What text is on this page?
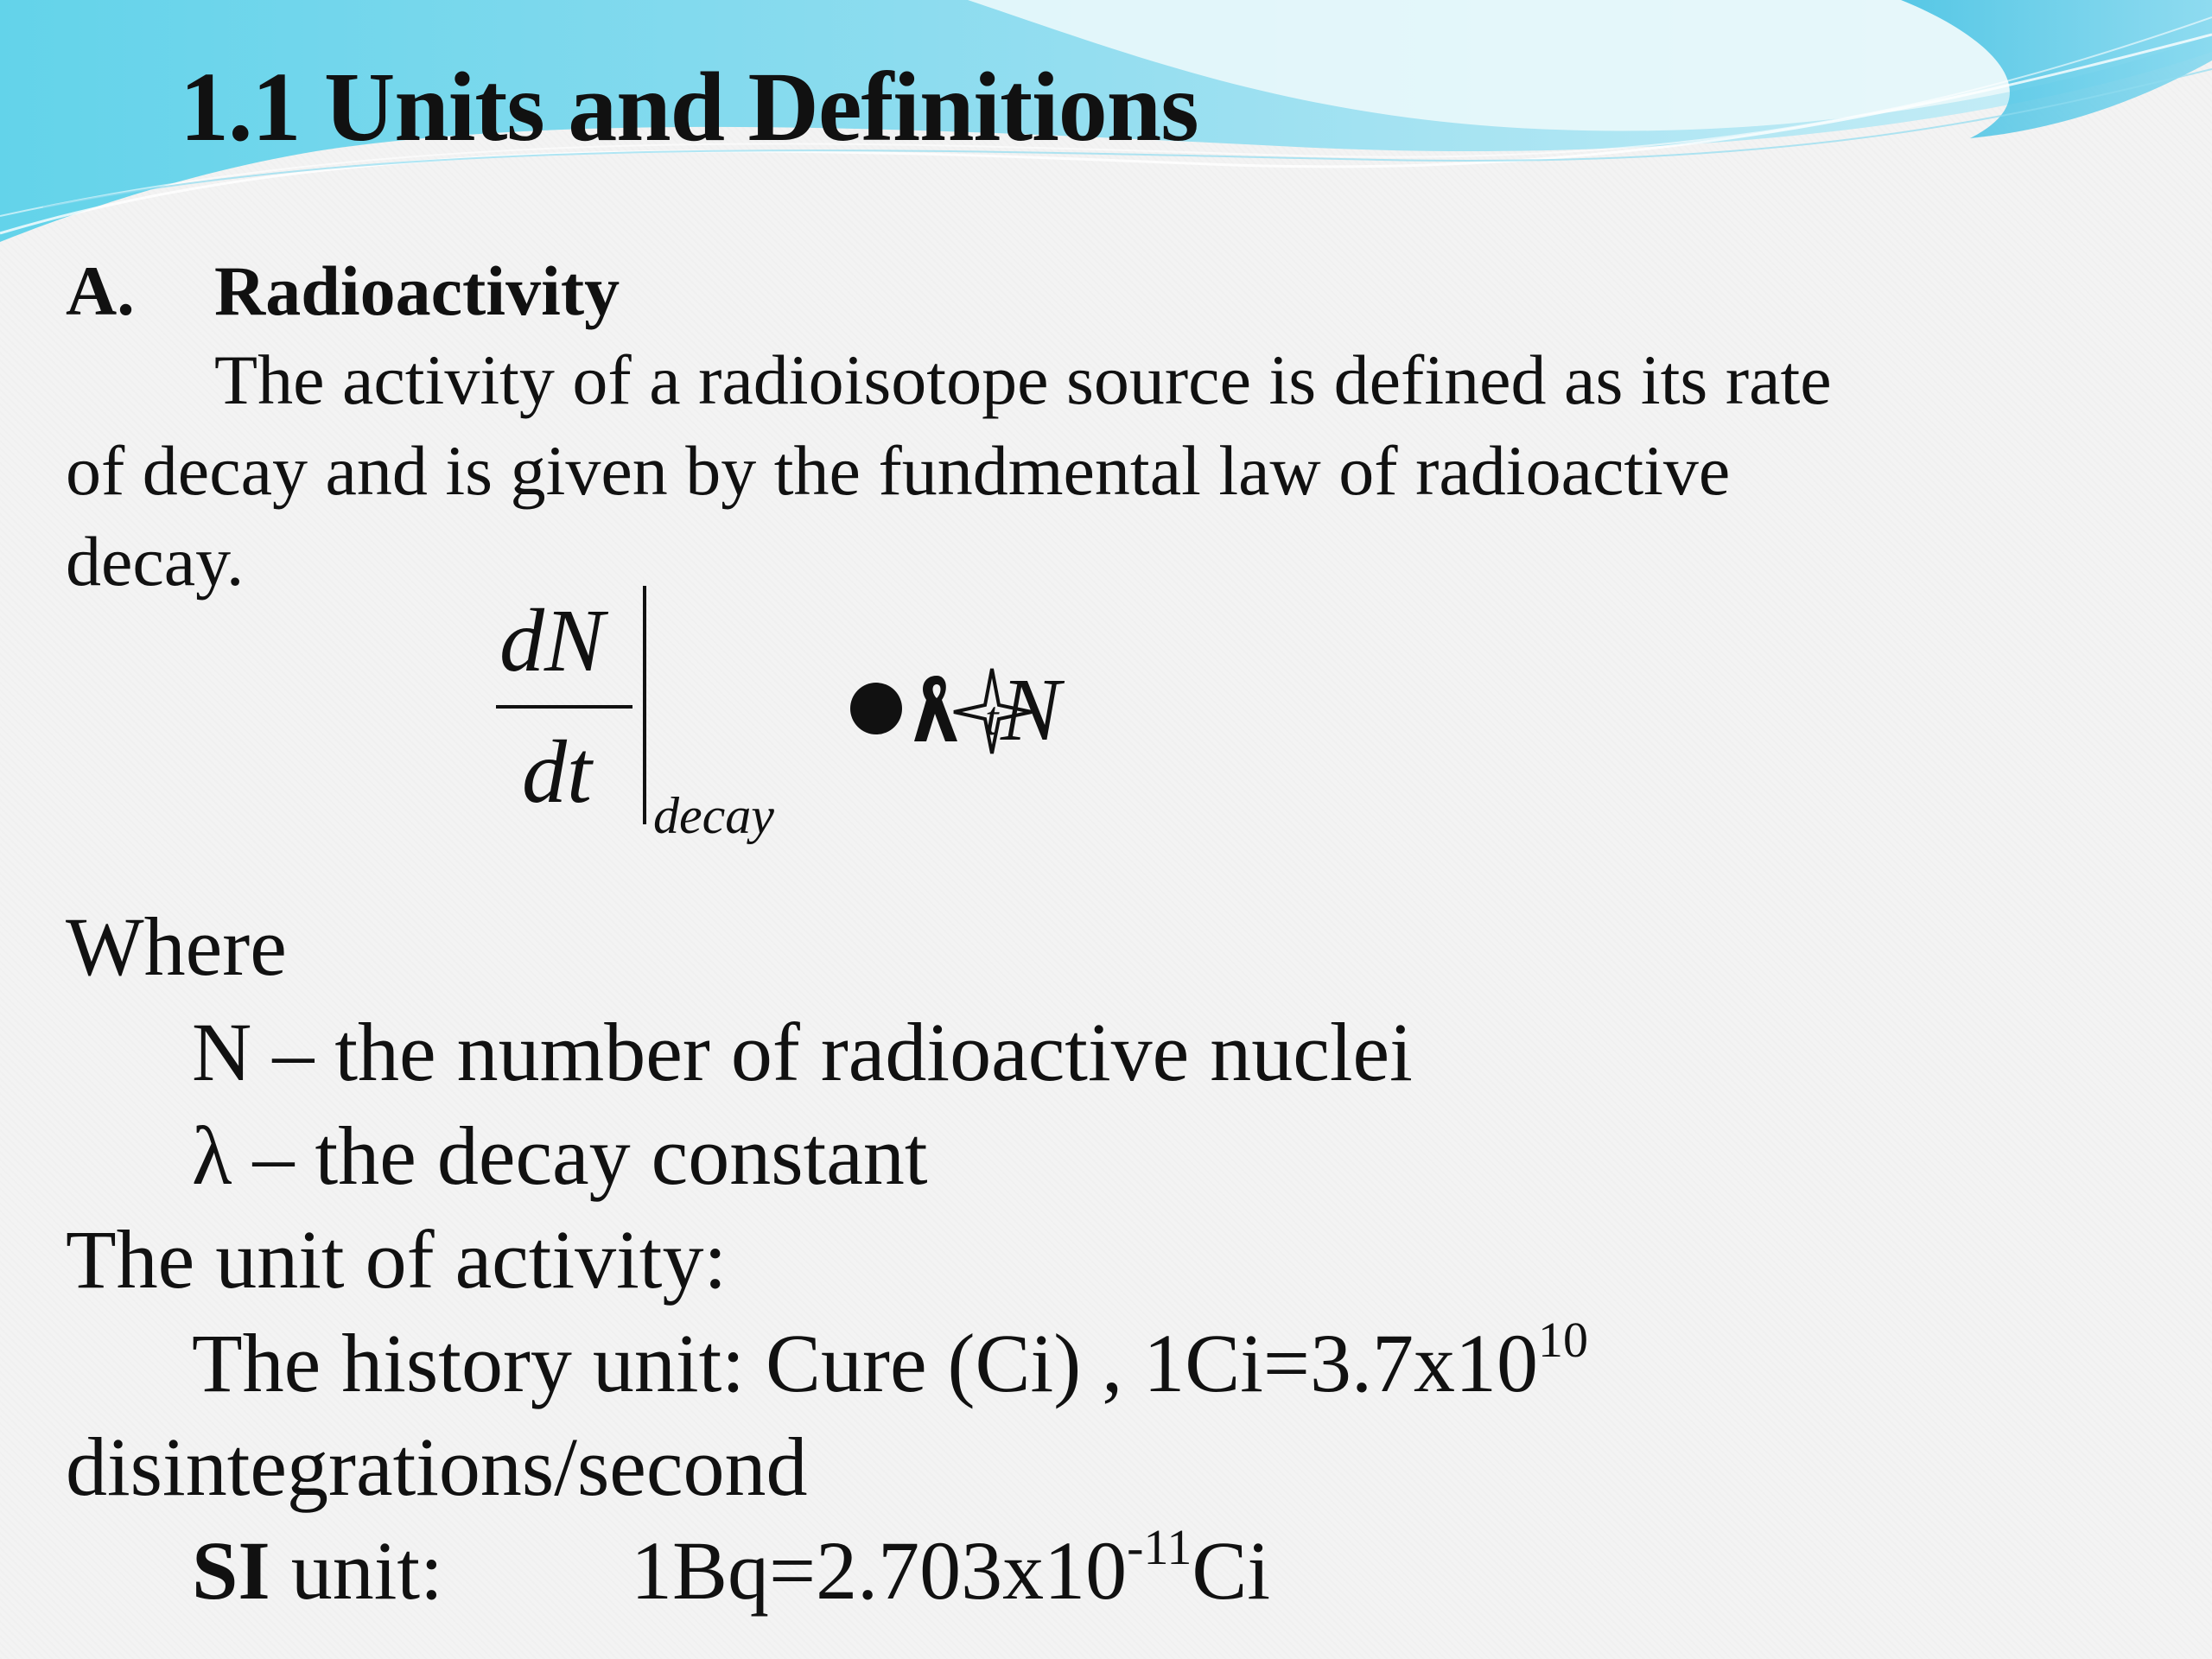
1.1 Units and Definitions
A. Radioactivity

The activity of a radioisotope source is defined as its rate

of decay and is given by the fundmental law of radioactive

decay.

dN
dt decay
N
t
Where
N – the number of radioactive nuclei
λ – the decay constant
The unit of activity:
The history unit: Cure (Ci) , $1Ci=3.7x10^{10}$
disintegrations/second
SI unit: $1Bq=2.703x10^{-11}Ci$
